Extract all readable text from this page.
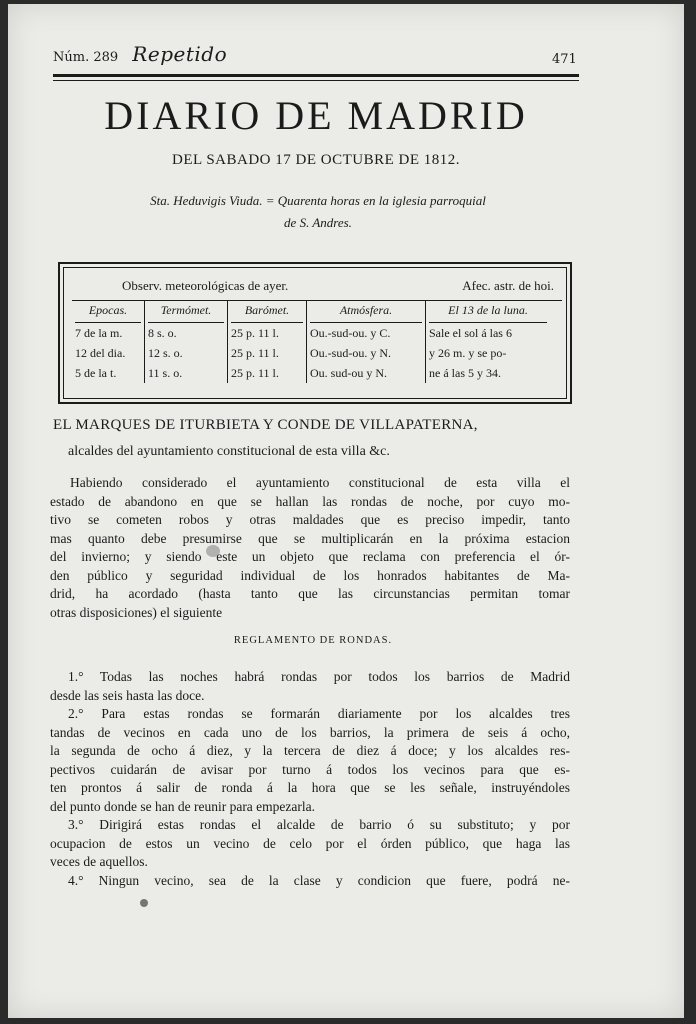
Núm. 289 Repetido	471
DIARIO DE MADRID
DEL SABADO 17 DE OCTUBRE DE 1812.
Sta. Heduvigis Viuda. = Quarenta horas en la iglesia parroquial
de S. Andres.
Observ. meteorológicas de ayer.	Afec. astr. de hoi.
Epocas.
7 de la m.
12 del dia.
5 de la t.
Termómet.
8 s. o.
12 s. o.
11 s. o.
Barómet.
25 p. 11 l.
25 p. 11 l.
25 p. 11 l.
Atmósfera.
Ou.-sud-ou. y C.
Ou.-sud-ou. y N.
Ou. sud-ou y N.
El 13 de la luna.
Sale el sol á las 6
y 26 m. y se po-
ne á las 5 y 34.
EL MARQUES DE ITURBIETA Y CONDE DE VILLAPATERNA,
alcaldes del ayuntamiento constitucional de esta villa &c.
Habiendo considerado el ayuntamiento constitucional de esta villa el
estado de abandono en que se hallan las rondas de noche, por cuyo mo-
tivo se cometen robos y otras maldades que es preciso impedir, tanto
mas quanto debe presumirse que se multiplicarán en la próxima estacion
del invierno; y siendo este un objeto que reclama con preferencia el ór-
den público y seguridad individual de los honrados habitantes de Ma-
drid, ha acordado (hasta tanto que las circunstancias permitan tomar
otras disposiciones) el siguiente
REGLAMENTO DE RONDAS.
1.° Todas las noches habrá rondas por todos los barrios de Madrid
desde las seis hasta las doce.
2.° Para estas rondas se formarán diariamente por los alcaldes tres
tandas de vecinos en cada uno de los barrios, la primera de seis á ocho,
la segunda de ocho á diez, y la tercera de diez á doce; y los alcaldes res-
pectivos cuidarán de avisar por turno á todos los vecinos para que es-
ten prontos á salir de ronda á la hora que se les señale, instruyéndoles
del punto donde se han de reunir para empezarla.
3.° Dirigirá estas rondas el alcalde de barrio ó su substituto; y por
ocupacion de estos un vecino de celo por el órden público, que haga las
veces de aquellos.
4.° Ningun vecino, sea de la clase y condicion que fuere, podrá ne-
